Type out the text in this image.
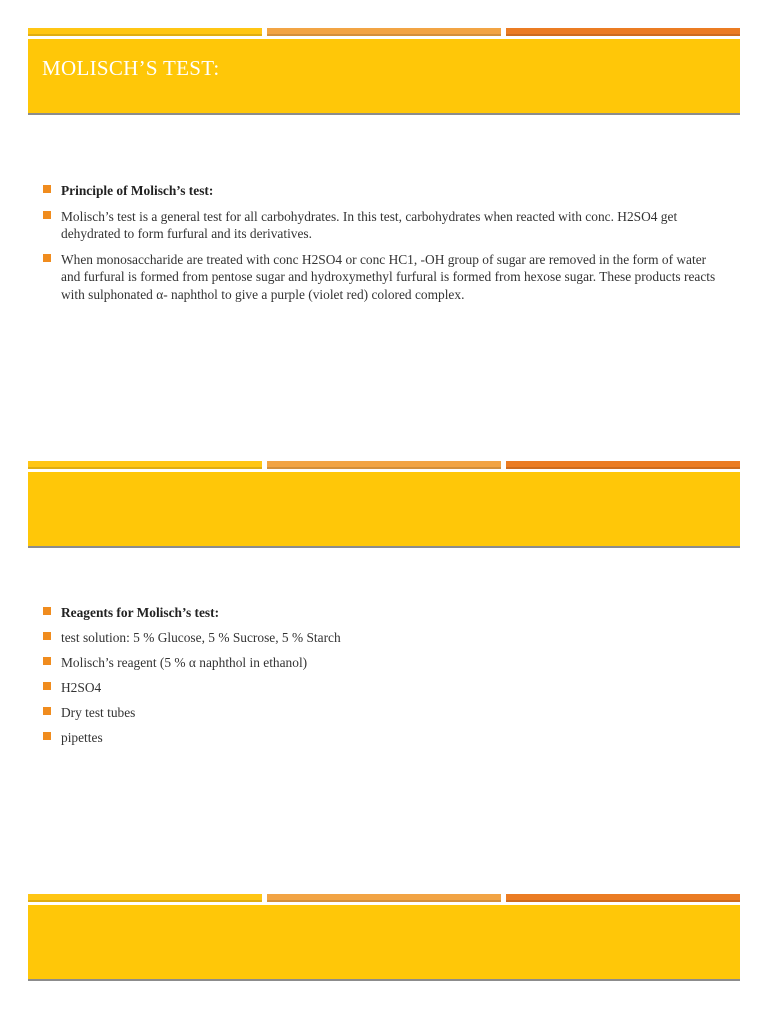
MOLISCH’S TEST:
Principle of Molisch’s test:
Molisch’s test is a general test for all carbohydrates. In this test, carbohydrates when reacted with conc. H2SO4 get dehydrated to form furfural and its derivatives.
When monosaccharide are treated with conc H2SO4 or conc HC1, -OH group of sugar are removed in the form of water and furfural is formed from pentose sugar and hydroxymethyl furfural is formed from hexose sugar. These products reacts with sulphonated α- naphthol to give a purple (violet red) colored complex.
Reagents for Molisch’s test:
test solution: 5 % Glucose, 5 % Sucrose, 5 % Starch
Molisch’s reagent (5 % α naphthol in ethanol)
H2SO4
Dry test tubes
pipettes
